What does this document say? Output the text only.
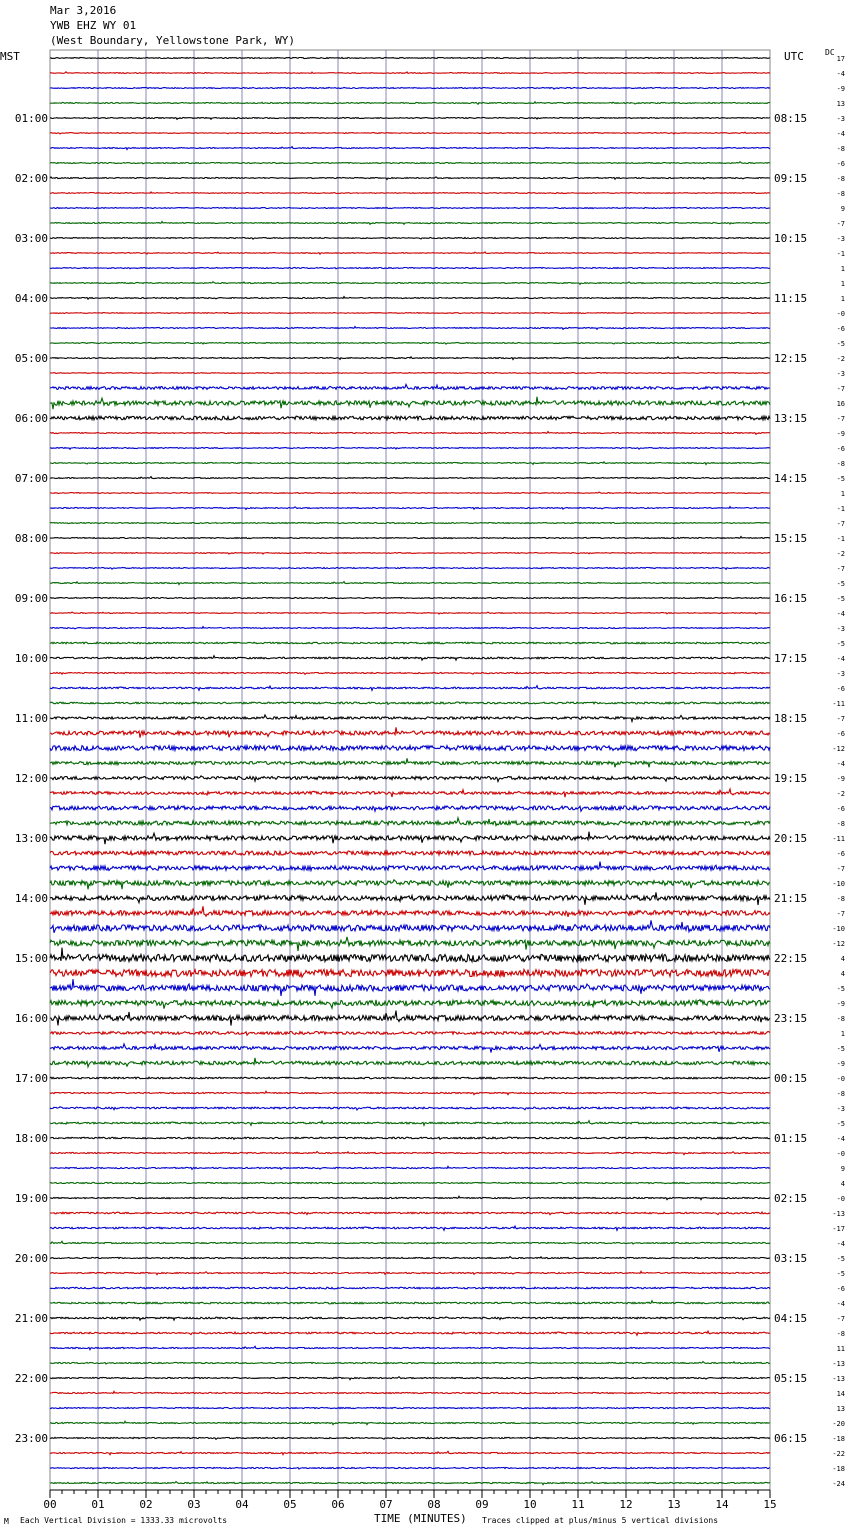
Mar 3,2016
YWB EHZ WY 01
(West Boundary, Yellowstone Park, WY)
MST	UTC	DC
01:00
02:00
03:00
04:00
05:00
06:00
07:00
08:00
09:00
10:00
11:00
12:00
13:00
14:00
15:00
16:00
17:00
18:00
19:00
20:00
21:00
22:00
23:00
08:15
09:15
10:15
11:15
12:15
13:15
14:15
15:15
16:15
17:15
18:15
19:15
20:15
21:15
22:15
23:15
00:15
01:15
02:15
03:15
04:15
05:15
06:15
17
-4
-9
13
-3
-4
-8
-6
-8
-8
9
-7
-3
-1
1
1
1
-0
-6
-5
-2
-3
-7
16
-7
-9
-6
-8
-5
1
-1
-7
-1
-2
-7
-5
-5
-4
-3
-5
-4
-3
-6
-11
-7
-6
-12
-4
-9
-2
-6
-8
-11
-6
-7
-10
-8
-7
-10
-12
4
4
-5
-9
-8
1
-5
-9
-0
-8
-3
-5
-4
-0
9
4
-0
-13
-17
-4
-5
-5
-6
-4
-7
-8
11
-13
-13
14
13
-20
-18
-22
-18
-24
00	01	02	03	04	05	06	07	08	09	10	11	12	13	14	15
M Each Vertical Division = 1333.33 microvolts	TIME (MINUTES) Traces clipped at plus/minus 5 vertical divisions
